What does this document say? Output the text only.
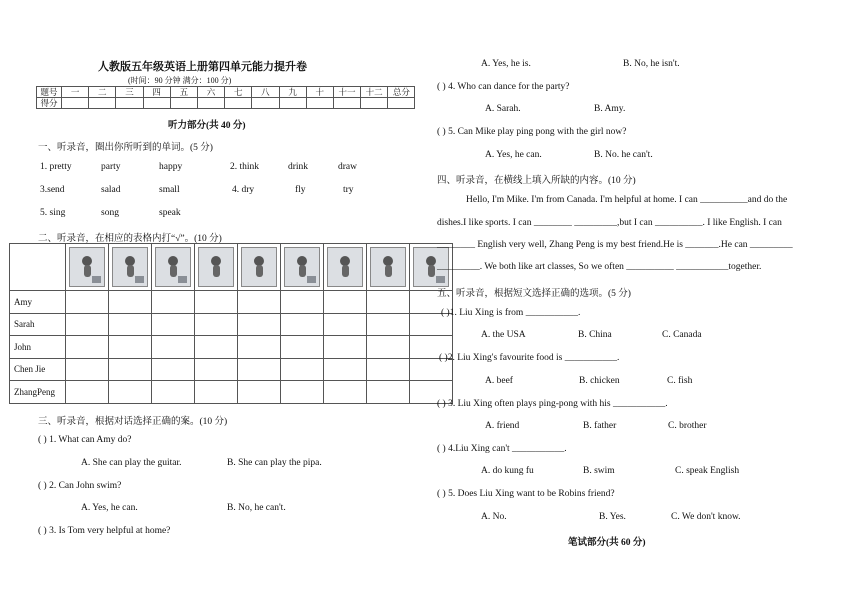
人教版五年级英语上册第四单元能力提升卷
(时间：90 分钟 满分：100 分)
题号	一	二	三	四	五	六	七	八	九	十	十一	十二	总分
得分													
听力部分(共 40 分)
一、听录音，圈出你所听到的单词。(5 分)
1. pretty	party	happy	2. think	drink	draw
3.send	salad	small	4. dry	fly	try
5. sing	song	speak
二、听录音，在相应的表格内打“√”。(10 分)

Amy									
Sarah									
John									
Chen Jie									
ZhangPeng									
三、听录音，根据对话选择正确的案。(10 分)
( ) 1. What can Amy do?
A. She can play the guitar.	B. She can play the pipa.
( ) 2. Can John swim?
A. Yes, he can.	B. No, he can't.
( ) 3. Is Tom very helpful at home?
A. Yes, he is.	B. No, he isn't.
( ) 4. Who can dance for the party?
A. Sarah.	B. Amy.
( ) 5. Can Mike play ping pong with the girl now?
A. Yes, he can.	B. No. he can't.
四、听录音，在横线上填入所缺的内容。(10 分)
Hello, I'm Mike. I'm from Canada. I'm helpful at home. I can __________and do the
dishes.I like sports. I can ________ _________,but I can __________. I like English. I can
________ English very well, Zhang Peng is my best friend.He is _______.He can _________
_________. We both like art classes, So we often __________ ___________together.
五、听录音，根据短文选择正确的选项。(5 分)
( )1. Liu Xing is from ___________.
A. the USA	B. China	C. Canada
( )2. Liu Xing's favourite food is ___________.
A. beef	B. chicken	C. fish
( ) 3. Liu Xing often plays ping-pong with his ___________.
A. friend	B. father	C. brother
( ) 4.Liu Xing can't ___________.
A. do kung fu	B. swim	C. speak English
( ) 5. Does Liu Xing want to be Robins friend?
A. No.	B. Yes.	C. We don't know.
笔试部分(共 60 分)
